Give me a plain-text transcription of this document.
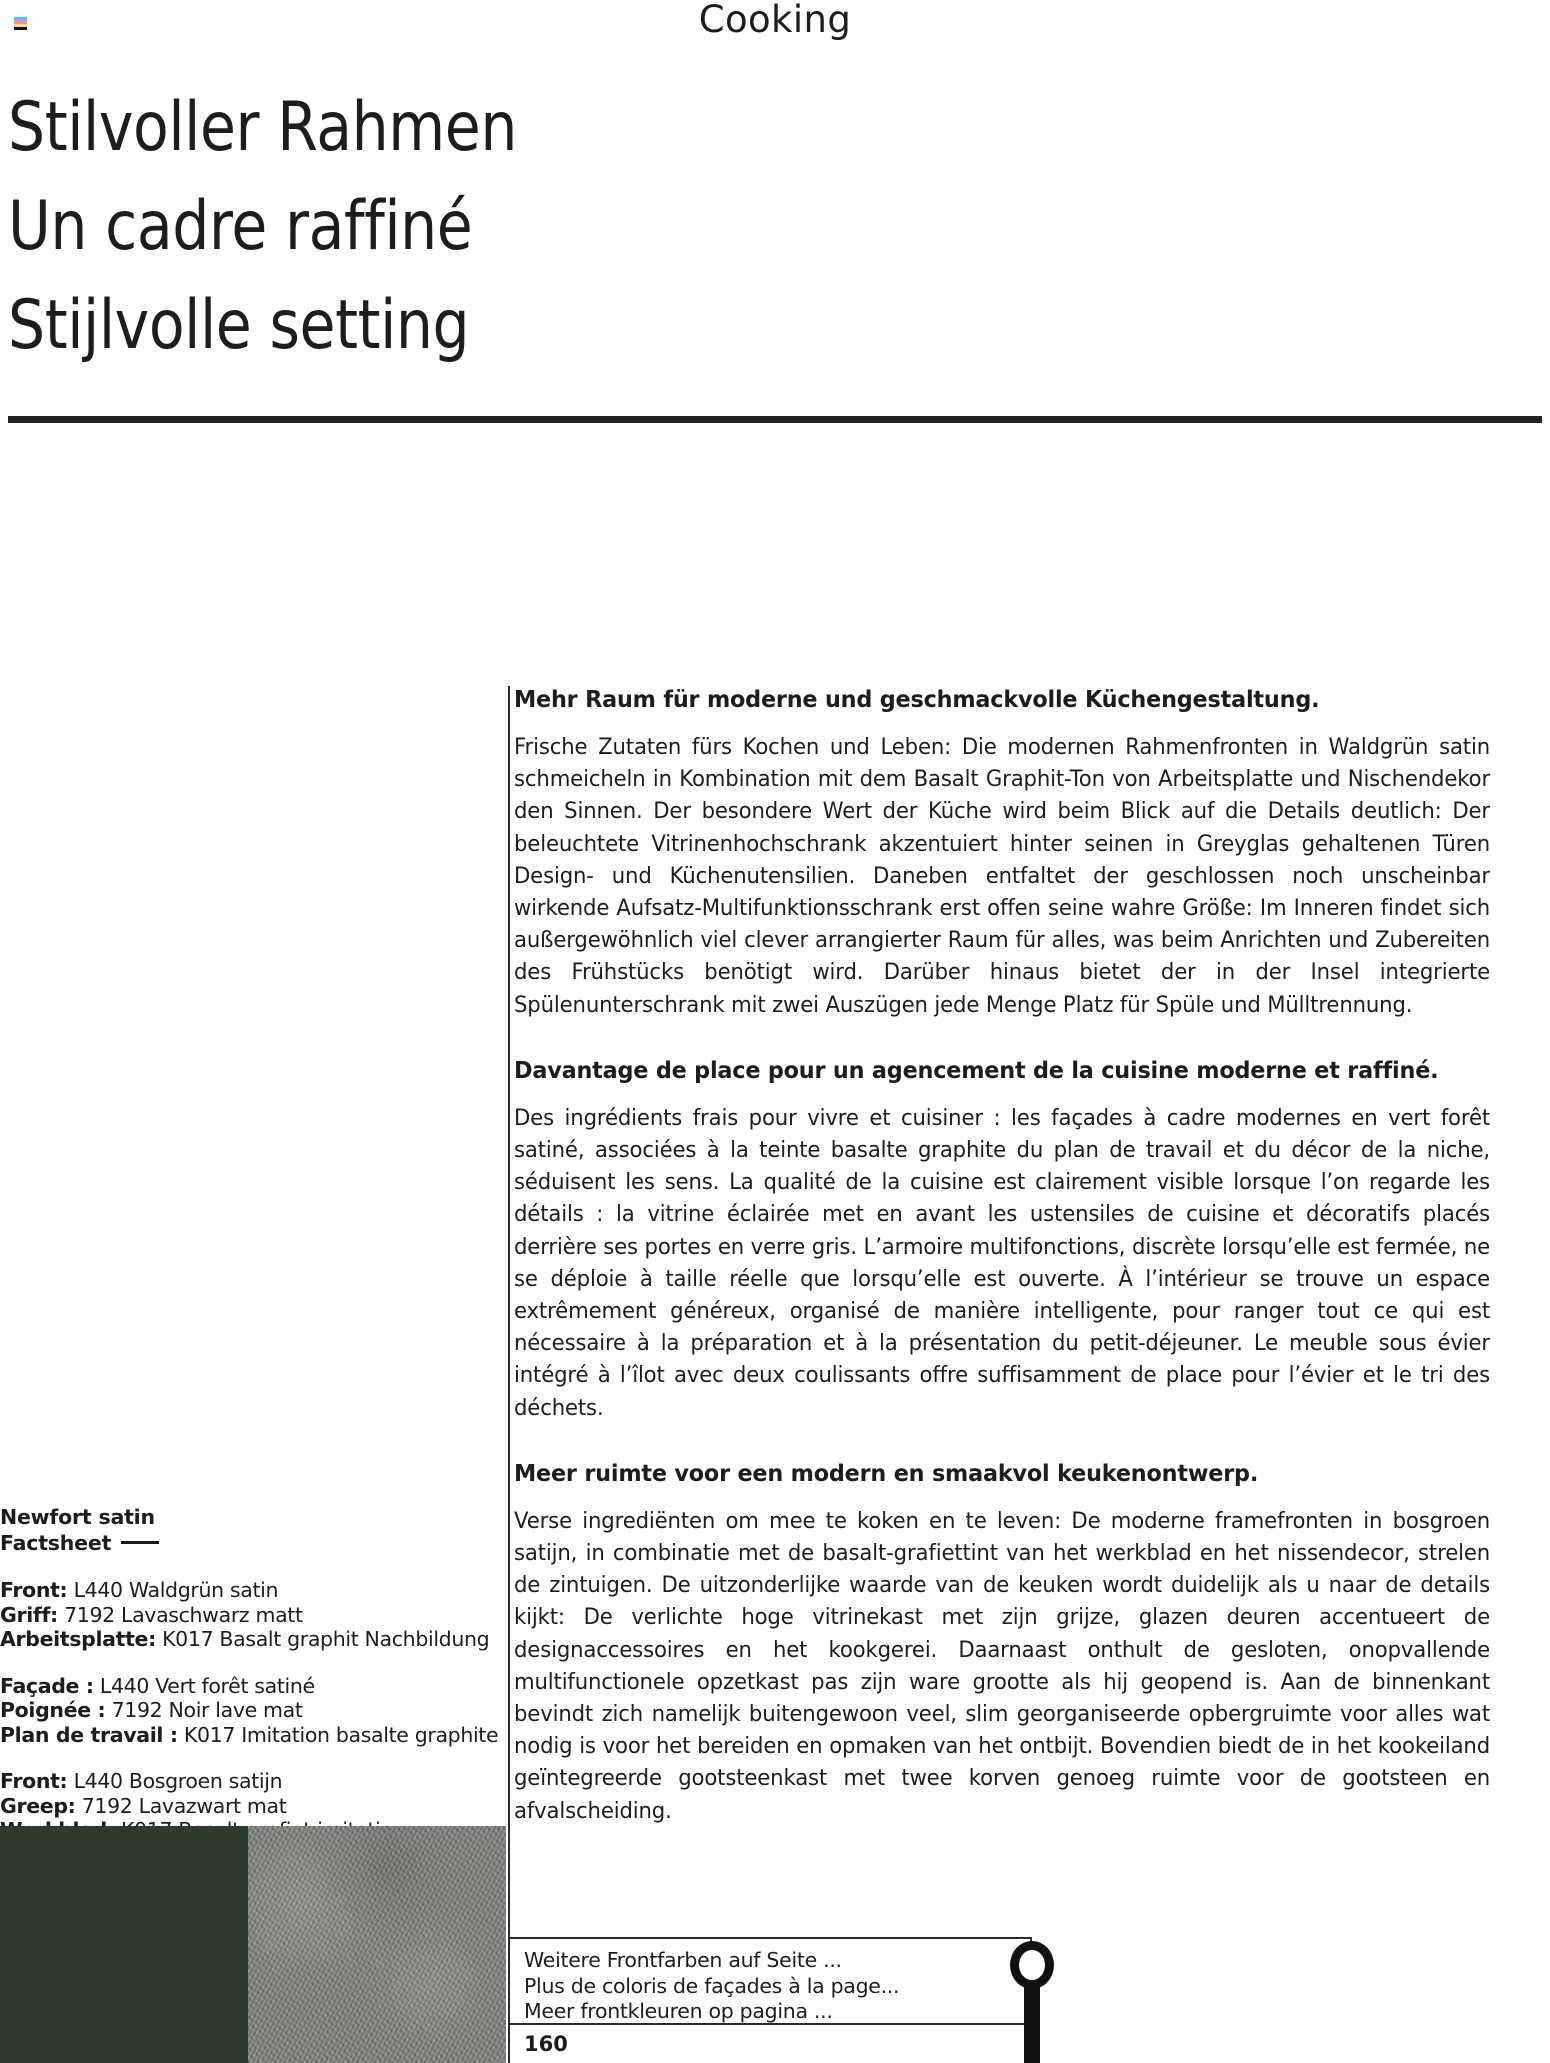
Cooking
Stilvoller Rahmen
Un cadre raffiné
Stijlvolle setting

Mehr Raum für moderne und geschmackvolle Küchengestaltung.

Frische Zutaten fürs Kochen und Leben: Die modernen Rahmenfronten in Waldgrün satin schmeicheln in Kombination mit dem Basalt Graphit-Ton von Arbeitsplatte und Nischendekor den Sinnen. Der besondere Wert der Küche wird beim Blick auf die Details deutlich: Der beleuchtete Vitrinenhochschrank akzentuiert hinter seinen in Greyglas gehaltenen Türen Design- und Küchenutensilien. Daneben entfaltet der geschlossen noch unscheinbar wirkende Aufsatz-Multifunktionsschrank erst offen seine wahre Größe: Im Inneren findet sich außergewöhnlich viel clever arrangierter Raum für alles, was beim Anrichten und Zubereiten des Frühstücks benötigt wird. Darüber hinaus bietet der in der Insel integrierte Spülenunterschrank mit zwei Auszügen jede Menge Platz für Spüle und Mülltrennung.

Davantage de place pour un agencement de la cuisine moderne et raffiné.

Des ingrédients frais pour vivre et cuisiner : les façades à cadre modernes en vert forêt satiné, associées à la teinte basalte graphite du plan de travail et du décor de la niche, séduisent les sens. La qualité de la cuisine est clairement visible lorsque l’on regarde les détails : la vitrine éclairée met en avant les ustensiles de cuisine et décoratifs placés derrière ses portes en verre gris. L’armoire multifonctions, discrète lorsqu’elle est fermée, ne se déploie à taille réelle que lorsqu’elle est ouverte. À l’intérieur se trouve un espace extrêmement généreux, organisé de manière intelligente, pour ranger tout ce qui est nécessaire à la préparation et à la présentation du petit-déjeuner. Le meuble sous évier intégré à l’îlot avec deux coulissants offre suffisamment de place pour l’évier et le tri des déchets.

Meer ruimte voor een modern en smaakvol keukenontwerp.

Verse ingrediënten om mee te koken en te leven: De moderne framefronten in bosgroen satijn, in combinatie met de basalt-grafiettint van het werkblad en het nissendecor, strelen de zintuigen. De uitzonderlijke waarde van de keuken wordt duidelijk als u naar de details kijkt: De verlichte hoge vitrinekast met zijn grijze, glazen deuren accentueert de designaccessoires en het kookgerei. Daarnaast onthult de gesloten, onopvallende multifunctionele opzetkast pas zijn ware grootte als hij geopend is. Aan de binnenkant bevindt zich namelijk buitengewoon veel, slim georganiseerde opbergruimte voor alles wat nodig is voor het bereiden en opmaken van het ontbijt. Bovendien biedt de in het kookeiland geïntegreerde gootsteenkast met twee korven genoeg ruimte voor de gootsteen en afvalscheiding.

Newfort satin
Factsheet
Front: L440 Waldgrün satin
Griff: 7192 Lavaschwarz matt
Arbeitsplatte: K017 Basalt graphit Nachbildung
Façade : L440 Vert forêt satiné
Poignée : 7192 Noir lave mat
Plan de travail : K017 Imitation basalte graphite
Front: L440 Bosgroen satijn
Greep: 7192 Lavazwart mat
Weitere Frontfarben auf Seite ...
Plus de coloris de façades à la page...
Meer frontkleuren op pagina ...
160
